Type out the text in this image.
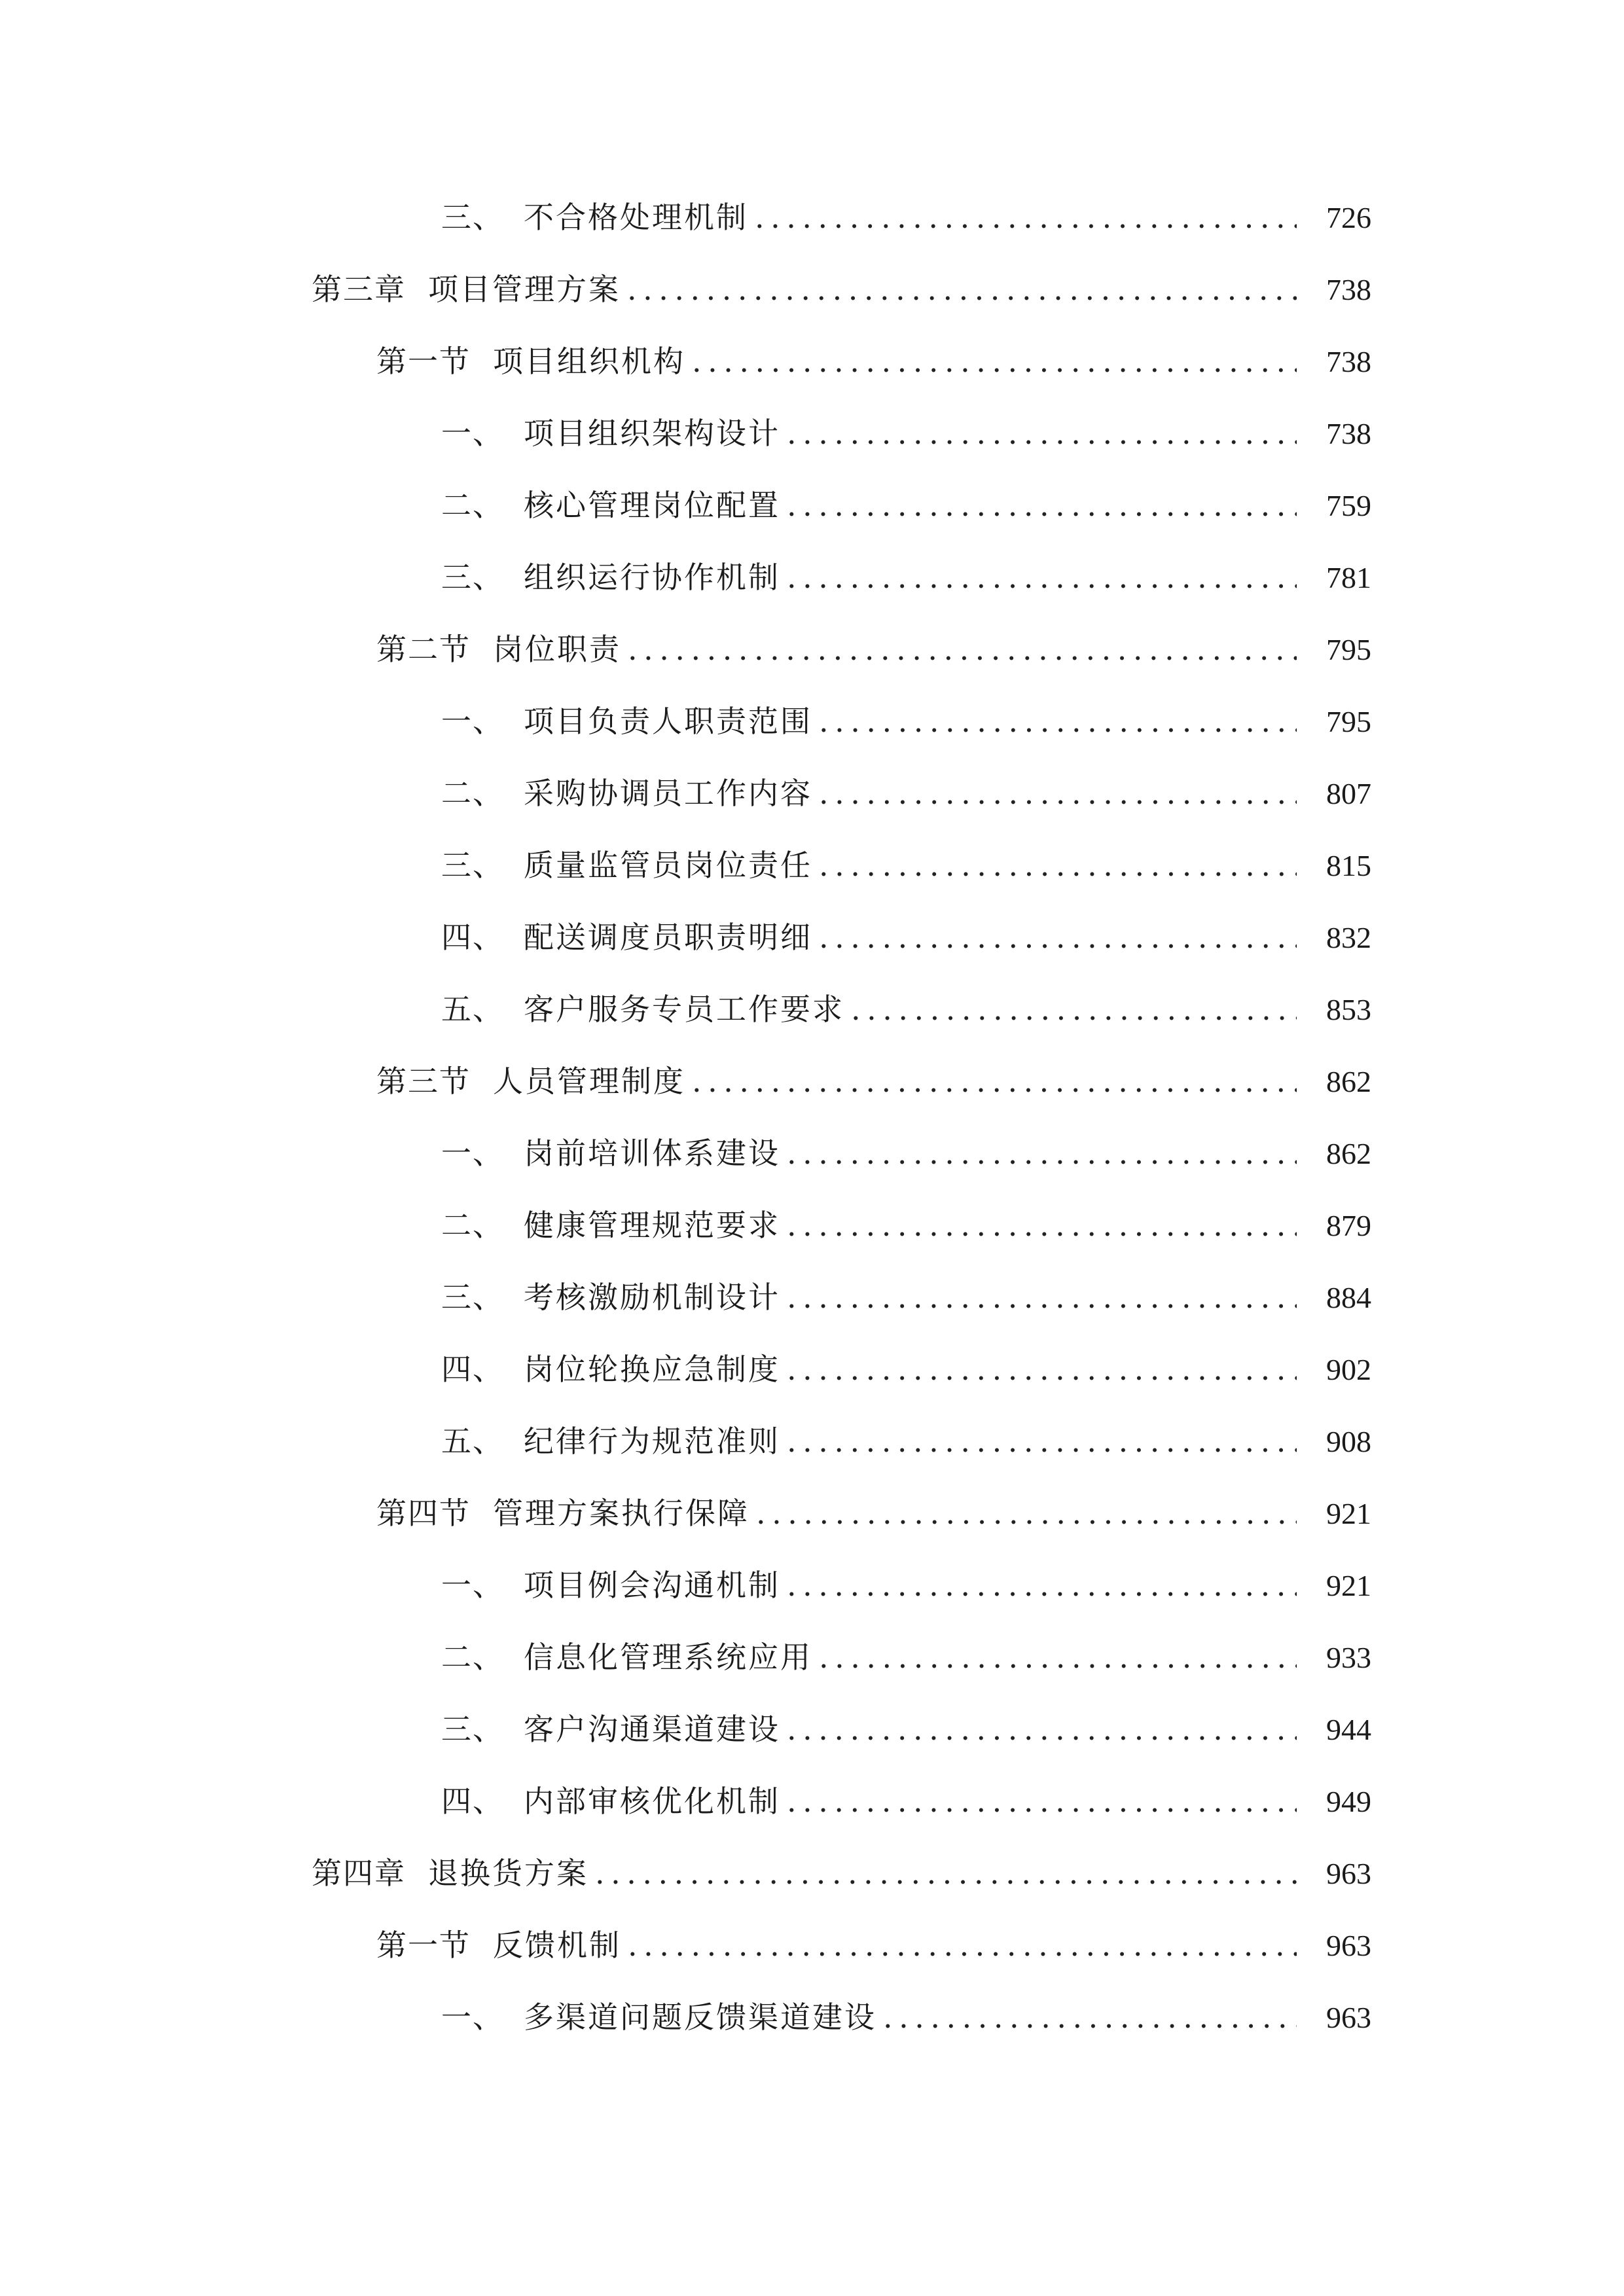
三、 不合格处理机制 .....	726
第三章 项目管理方案 .....	738
第一节 项目组织机构 .....	738
一、 项目组织架构设计 .....	738
二、 核心管理岗位配置 .....	759
三、 组织运行协作机制 .....	781
第二节 岗位职责 .....	795
一、 项目负责人职责范围 .....	795
二、 采购协调员工作内容 .....	807
三、 质量监管员岗位责任 .....	815
四、 配送调度员职责明细 .....	832
五、 客户服务专员工作要求 .....	853
第三节 人员管理制度 .....	862
一、 岗前培训体系建设 .....	862
二、 健康管理规范要求 .....	879
三、 考核激励机制设计 .....	884
四、 岗位轮换应急制度 .....	902
五、 纪律行为规范准则 .....	908
第四节 管理方案执行保障 .....	921
一、 项目例会沟通机制 .....	921
二、 信息化管理系统应用 .....	933
三、 客户沟通渠道建设 .....	944
四、 内部审核优化机制 .....	949
第四章 退换货方案 .....	963
第一节 反馈机制 .....	963
一、 多渠道问题反馈渠道建设 .....	963
